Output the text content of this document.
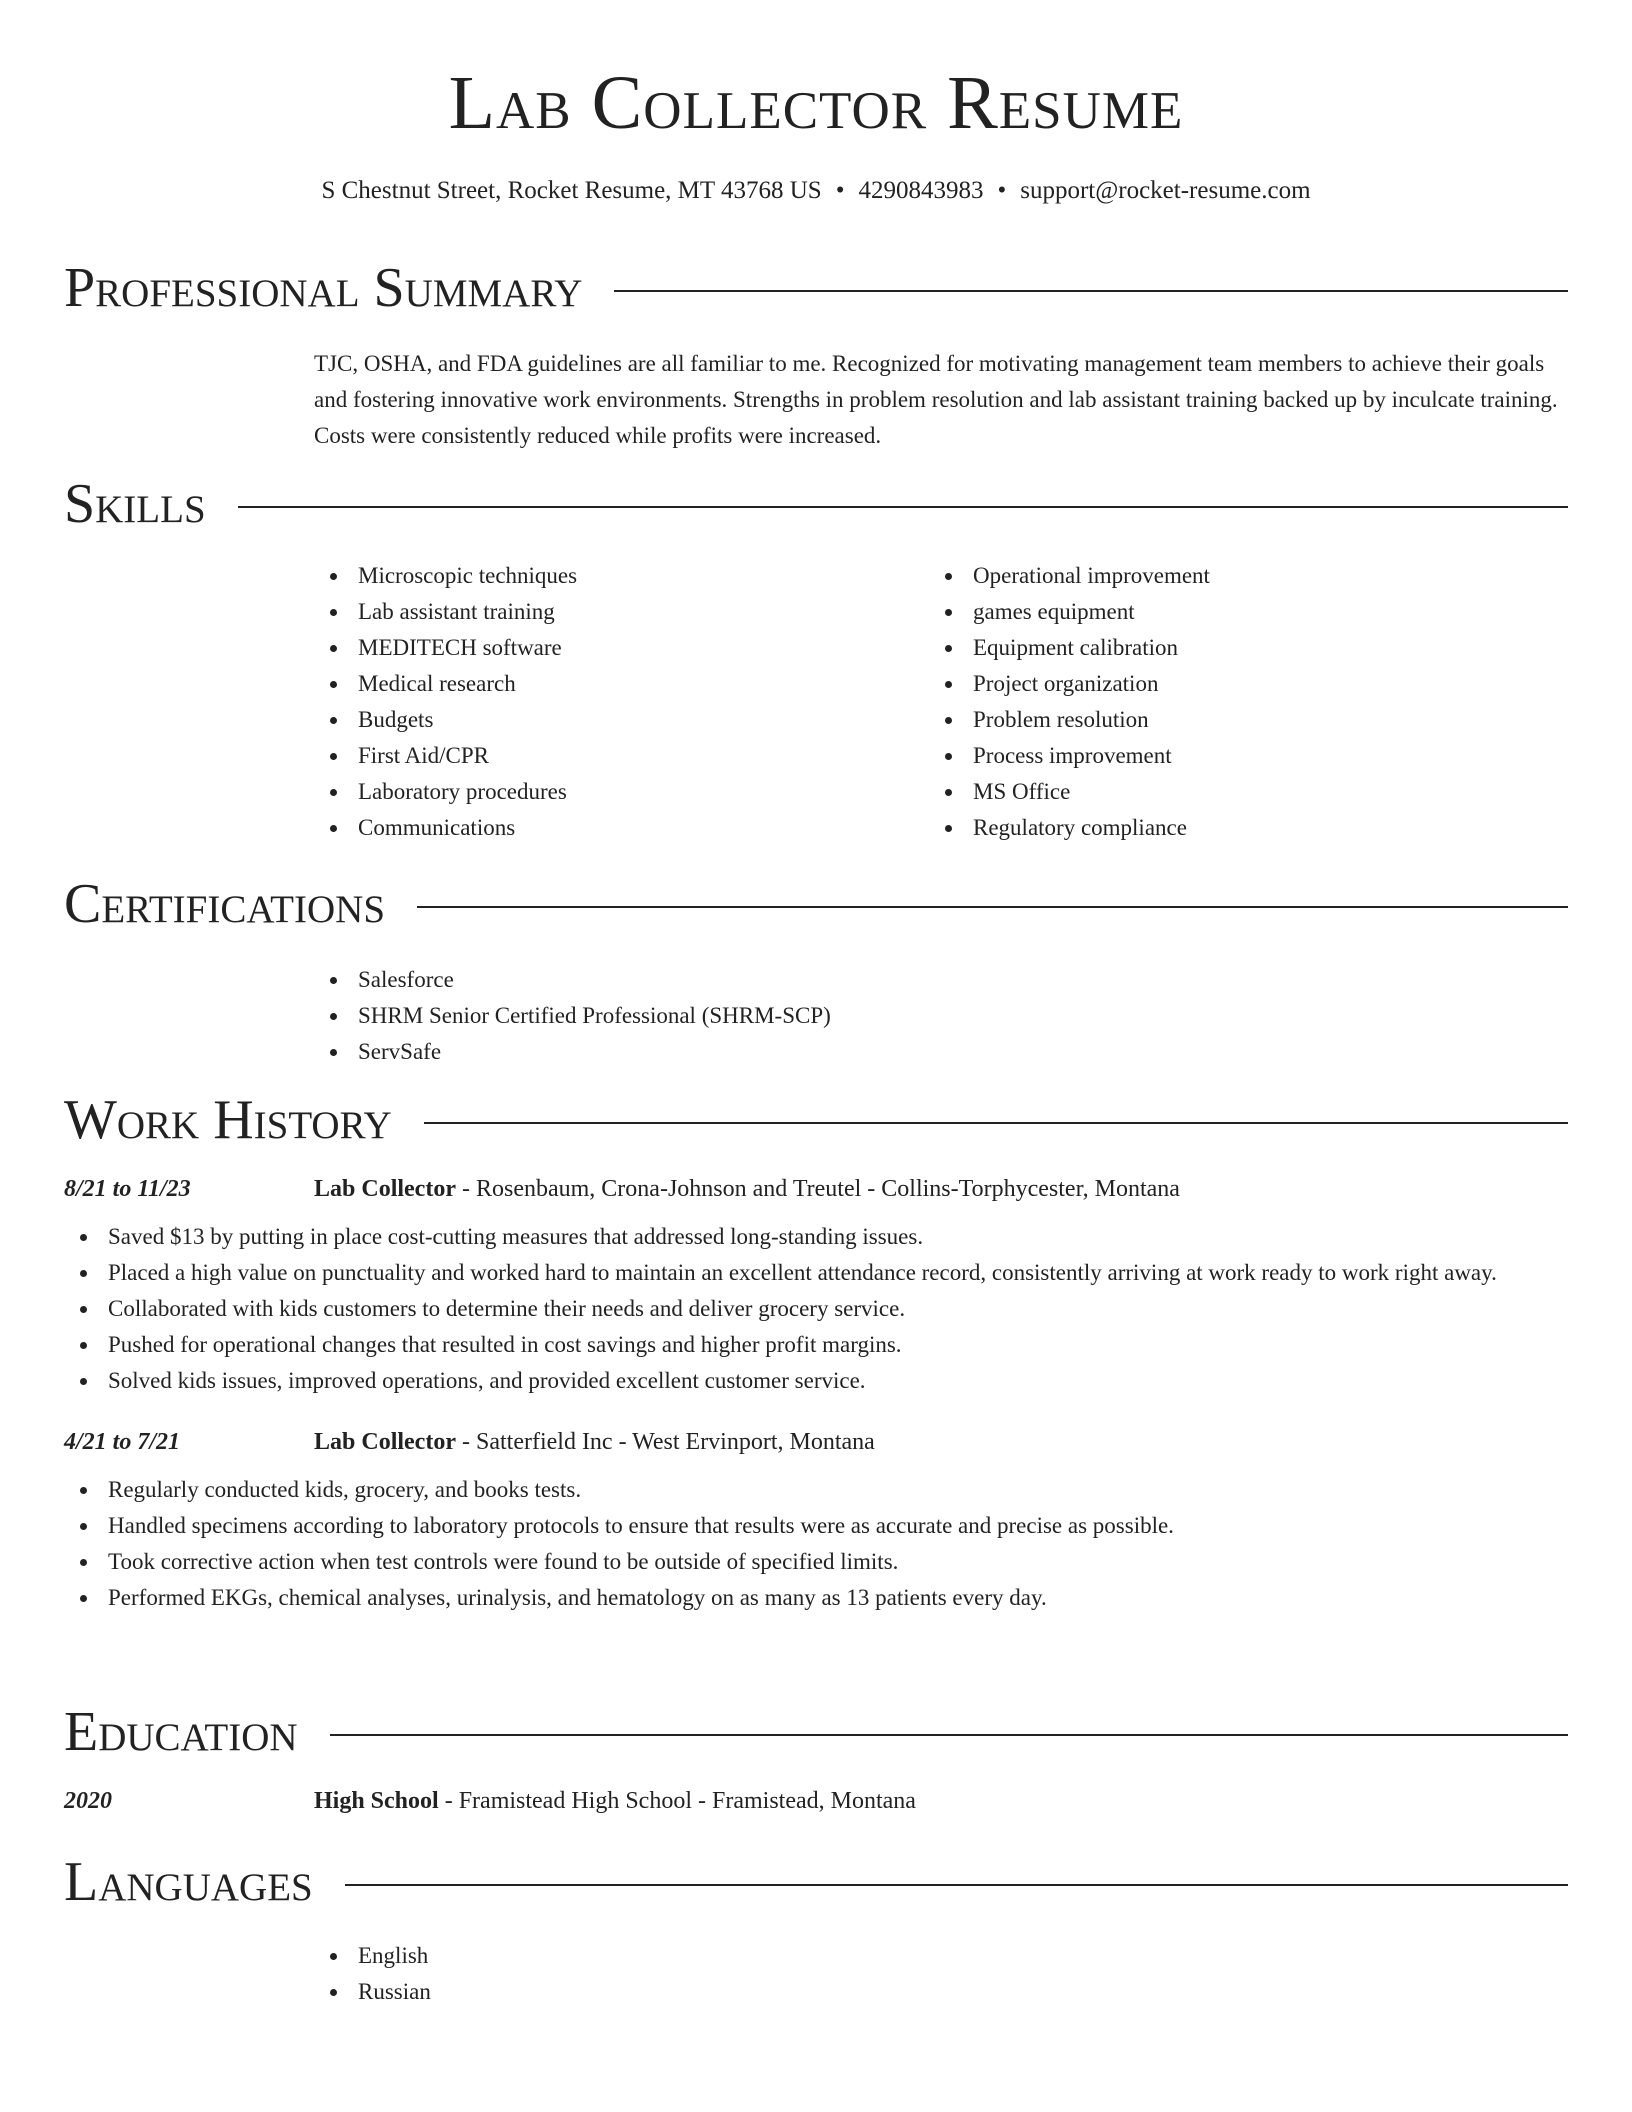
Lab Collector Resume
S Chestnut Street, Rocket Resume, MT 43768 US • 4290843983 • support@rocket-resume.com
Professional Summary

TJC, OSHA, and FDA guidelines are all familiar to me. Recognized for motivating management team members to achieve their goals and fostering innovative work environments. Strengths in problem resolution and lab assistant training backed up by inculcate training. Costs were consistently reduced while profits were increased.

Skills
Microscopic techniques
Lab assistant training
MEDITECH software
Medical research
Budgets
First Aid/CPR
Laboratory procedures
Communications
Operational improvement
games equipment
Equipment calibration
Project organization
Problem resolution
Process improvement
MS Office
Regulatory compliance
Certifications
Salesforce
SHRM Senior Certified Professional (SHRM-SCP)
ServSafe
Work History
8/21 to 11/23	Lab Collector - Rosenbaum, Crona-Johnson and Treutel - Collins-Torphycester, Montana
Saved $13 by putting in place cost-cutting measures that addressed long-standing issues.
Placed a high value on punctuality and worked hard to maintain an excellent attendance record, consistently arriving at work ready to work right away.
Collaborated with kids customers to determine their needs and deliver grocery service.
Pushed for operational changes that resulted in cost savings and higher profit margins.
Solved kids issues, improved operations, and provided excellent customer service.
4/21 to 7/21	Lab Collector - Satterfield Inc - West Ervinport, Montana
Regularly conducted kids, grocery, and books tests.
Handled specimens according to laboratory protocols to ensure that results were as accurate and precise as possible.
Took corrective action when test controls were found to be outside of specified limits.
Performed EKGs, chemical analyses, urinalysis, and hematology on as many as 13 patients every day.
Education
2020	High School - Framistead High School - Framistead, Montana
Languages
English
Russian
